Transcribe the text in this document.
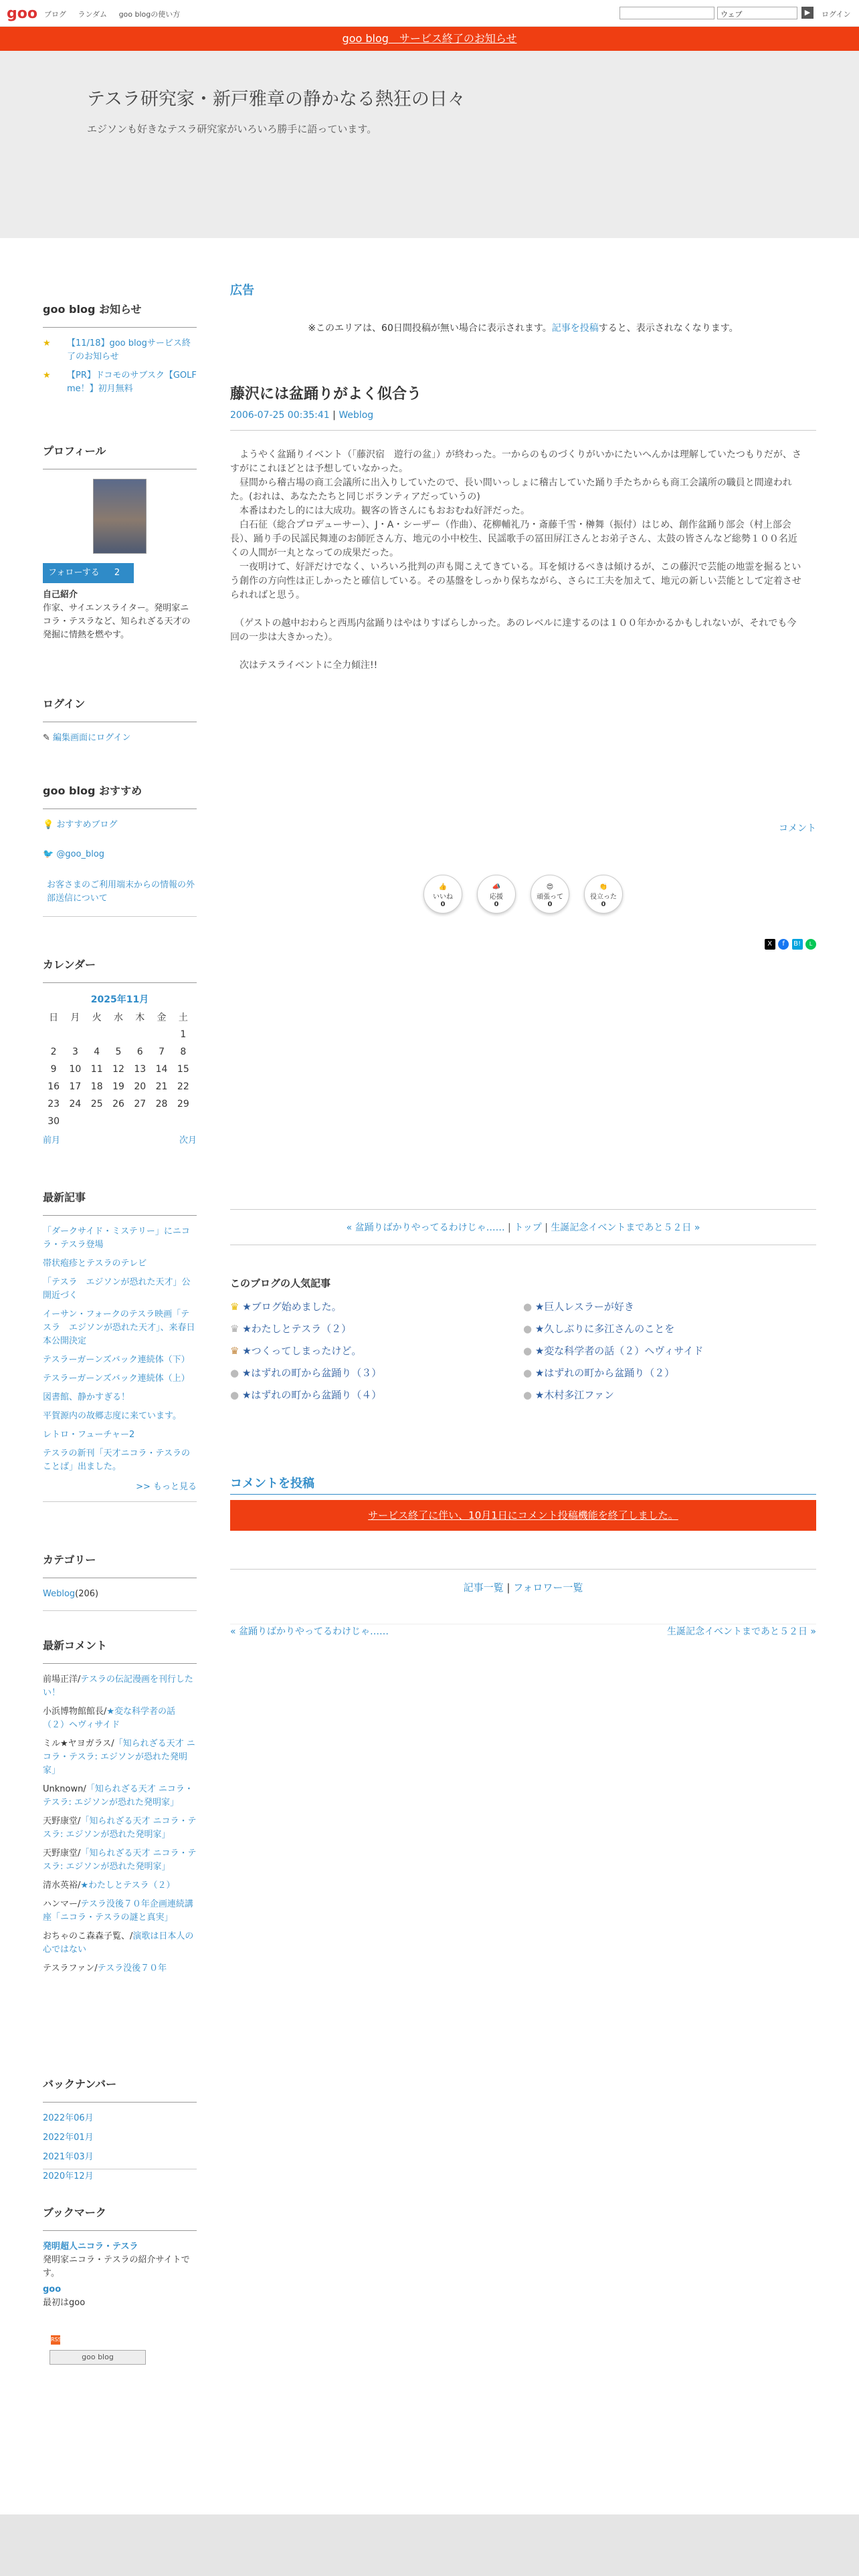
goo ブログ ランダム goo blogの使い方	ウェブ	▶	ログイン
goo blog　サービス終了のお知らせ
テスラ研究家・新戸雅章の静かなる熱狂の日々
エジソンも好きなテスラ研究家がいろいろ勝手に語っています。
goo blog お知らせ
★ 【11/18】goo blogサービス終了のお知らせ
★ 【PR】ドコモのサブスク【GOLF me！】初月無料
プロフィール
フォローする 2
自己紹介
作家、サイエンスライター。発明家ニコラ・テスラなど、知られざる天才の発掘に情熱を燃やす。
ログイン
✎ 編集画面にログイン
goo blog おすすめ
💡 おすすめブログ
🐦 @goo_blog
お客さまのご利用端末からの情報の外部送信について
カレンダー
2025年11月
日	月	火	水	木	金	土
						1
2	3	4	5	6	7	8
9	10	11	12	13	14	15
16	17	18	19	20	21	22
23	24	25	26	27	28	29
30						
前月	次月
最新記事
「ダークサイド・ミステリー」にニコラ・テスラ登場
帯状疱疹とテスラのテレビ
「テスラ　エジソンが恐れた天才」公開近づく
イーサン・フォークのテスラ映画「テスラ　エジソンが恐れた天才」、来春日本公開決定
テスラーガーンズバック連続体（下）
テスラーガーンズバック連続体（上）
図書館、静かすぎる！
平賀源内の故郷志度に来ています。
レトロ・フューチャー2
テスラの新刊「天才ニコラ・テスラのことば」出ました。
>> もっと見る
カテゴリー
Weblog(206)
最新コメント
前場正洋/テスラの伝記漫画を刊行したい！
小浜博物館館長/★変な科学者の話（２）ヘヴィサイド
ミル★ヤヨガラス/「知られざる天才 ニコラ・テスラ: エジソンが恐れた発明家」
Unknown/「知られざる天才 ニコラ・テスラ: エジソンが恐れた発明家」
天野康堂/「知られざる天才 ニコラ・テスラ: エジソンが恐れた発明家」
天野康堂/「知られざる天才 ニコラ・テスラ: エジソンが恐れた発明家」
清水英裕/★わたしとテスラ（２）
ハンマー/テスラ没後７０年企画連続講座「ニコラ・テスラの謎と真実」
おちゃのこ森森子覧、/演歌は日本人の心ではない
テスラファン/テスラ没後７０年
バックナンバー
2022年06月
2022年01月
2021年03月
2020年12月
ブックマーク
発明超人ニコラ・テスラ
発明家ニコラ・テスラの紹介サイトです。
goo
最初はgoo
RSS
goo blog
広告
※このエリアは、60日間投稿が無い場合に表示されます。記事を投稿すると、表示されなくなります。
藤沢には盆踊りがよく似合う
2006-07-25 00:35:41 | Weblog
　ようやく盆踊りイベント（「藤沢宿　遊行の盆」）が終わった。一からのものづくりがいかにたいへんかは理解していたつもりだが、さすがにこれほどとは予想していなかった。
　昼間から稽古場の商工会議所に出入りしていたので、長い間いっしょに稽古していた踊り手たちからも商工会議所の職員と間違われた。(おれは、あなたたちと同じボランティアだっていうの)
　本番はわたし的には大成功。観客の皆さんにもおおむね好評だった。
　白石征（総合プロデューサー）、J・A・シーザー（作曲）、花柳輔礼乃・斎藤千雪・榊舞（振付）はじめ、創作盆踊り部会（村上部会長）、踊り手の民謡民舞連のお師匠さん方、地元の小中校生、民謡歌手の冨田屏江さんとお弟子さん、太鼓の皆さんなど総勢１００名近くの人間が一丸となっての成果だった。
　一夜明けて、好評だけでなく、いろいろ批判の声も聞こえてきている。耳を傾けるべきは傾けるが、この藤沢で芸能の地霊を掘るという創作の方向性は正しかったと確信している。その基盤をしっかり保ちながら、さらに工夫を加えて、地元の新しい芸能として定着させられればと思う。
　（ゲストの越中おわらと西馬内盆踊りはやはりすばらしかった。あのレベルに達するのは１００年かかるかもしれないが、それでも今回の一歩は大きかった）。
　次はテスライベントに全力傾注!!
コメント
👍
いいね
0
📣
応援
0
😍
頑張って
0
👏
役立った
0
X f B! L
« 盆踊りばかりやってるわけじゃ…… | トップ | 生誕記念イベントまであと５２日 »
このブログの人気記事
♛ ★ブログ始めました。
♛ ★わたしとテスラ（２）
♛ ★つくってしまったけど。
● ★はずれの町から盆踊り（３）
● ★はずれの町から盆踊り（４）
● ★巨人レスラーが好き
● ★久しぶりに多江さんのことを
● ★変な科学者の話（２）ヘヴィサイド
● ★はずれの町から盆踊り（２）
● ★木村多江ファン
コメントを投稿
サービス終了に伴い、10月1日にコメント投稿機能を終了しました。
記事一覧 | フォロワー一覧
« 盆踊りばかりやってるわけじゃ……	生誕記念イベントまであと５２日 »
